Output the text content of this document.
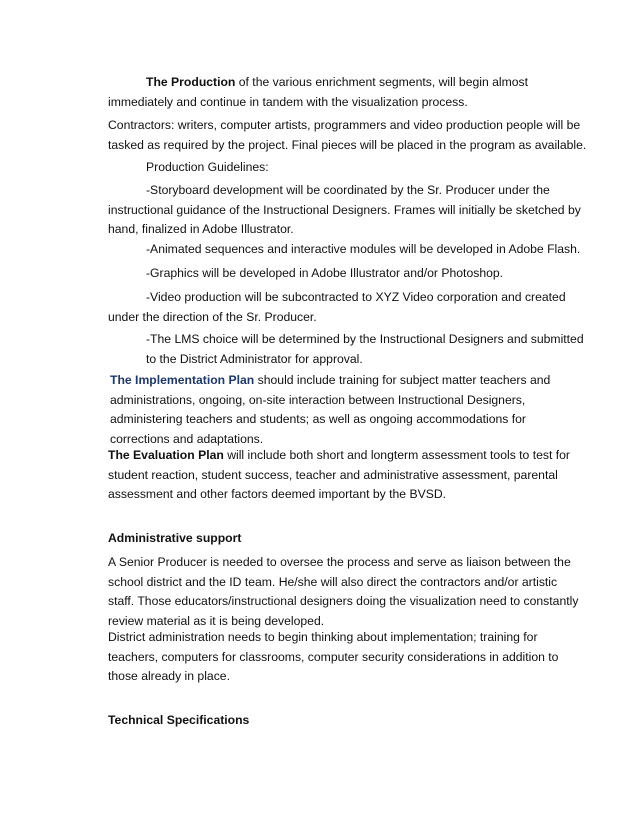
The Production of the various enrichment segments, will begin almost
immediately and continue in tandem with the visualization process.
Contractors: writers, computer artists, programmers and video production people will be
tasked as required by the project. Final pieces will be placed in the program as available.
Production Guidelines:
-Storyboard development will be coordinated by the Sr. Producer under the
instructional guidance of the Instructional Designers. Frames will initially be sketched by
hand, finalized in Adobe Illustrator.
-Animated sequences and interactive modules will be developed in Adobe Flash.
-Graphics will be developed in Adobe Illustrator and/or Photoshop.
-Video production will be subcontracted to XYZ Video corporation and created
under the direction of the Sr. Producer.
-The LMS choice will be determined by the Instructional Designers and submitted
to the District Administrator for approval.
The Implementation Plan should include training for subject matter teachers and
administrations, ongoing, on-site interaction between Instructional Designers,
administering teachers and students; as well as ongoing accommodations for
corrections and adaptations.
The Evaluation Plan will include both short and longterm assessment tools to test for
student reaction, student success, teacher and administrative assessment, parental
assessment and other factors deemed important by the BVSD.
Administrative support
A Senior Producer is needed to oversee the process and serve as liaison between the
school district and the ID team. He/she will also direct the contractors and/or artistic
staff. Those educators/instructional designers doing the visualization need to constantly
review material as it is being developed.
District administration needs to begin thinking about implementation; training for
teachers, computers for classrooms, computer security considerations in addition to
those already in place.
Technical Specifications
